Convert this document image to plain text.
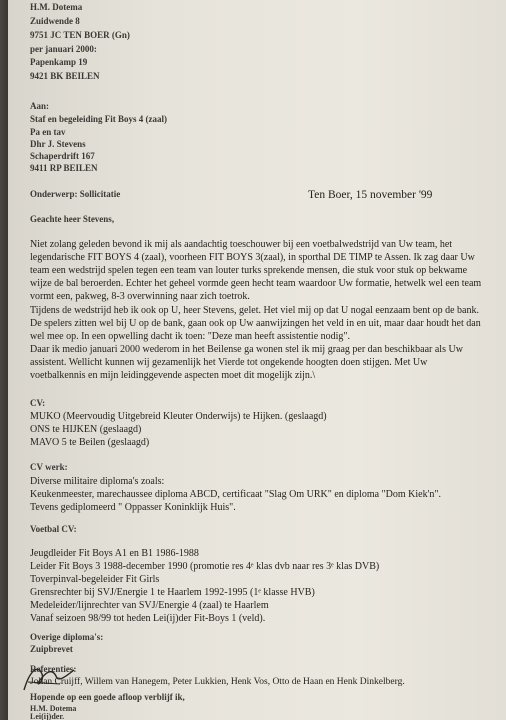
H.M. Dotema
Zuidwende 8
9751 JC TEN BOER (Gn)
per januari 2000:
Papenkamp 19
9421 BK BEILEN
Aan:
Staf en begeleiding Fit Boys 4 (zaal)
Pa en tav
Dhr J. Stevens
Schaperdrift 167
9411 RP BEILEN
Onderwerp: Sollicitatie	Ten Boer, 15 november '99
Geachte heer Stevens,
Niet zolang geleden bevond ik mij als aandachtig toeschouwer bij een voetbalwedstrijd van Uw team, het
legendarische FIT BOYS 4 (zaal), voorheen FIT BOYS 3(zaal), in sporthal DE TIMP te Assen. Ik zag daar Uw
team een wedstrijd spelen tegen een team van louter turks sprekende mensen, die stuk voor stuk op bekwame
wijze de bal beroerden. Echter het geheel vormde geen hecht team waardoor Uw formatie, hetwelk wel een team
vormt een, pakweg, 8-3 overwinning naar zich toetrok.
Tijdens de wedstrijd heb ik ook op U, heer Stevens, gelet. Het viel mij op dat U nogal eenzaam bent op de bank.
De spelers zitten wel bij U op de bank, gaan ook op Uw aanwijzingen het veld in en uit, maar daar houdt het dan
wel mee op. In een opwelling dacht ik toen: "Deze man heeft assistentie nodig".
Daar ik medio januari 2000 wederom in het Beilense ga wonen stel ik mij graag per dan beschikbaar als Uw
assistent. Wellicht kunnen wij gezamenlijk het Vierde tot ongekende hoogten doen stijgen. Met Uw
voetbalkennis en mijn leidinggevende aspecten moet dit mogelijk zijn.\
CV:
MUKO (Meervoudig Uitgebreid Kleuter Onderwijs) te Hijken. (geslaagd)
ONS te HIJKEN (geslaagd)
MAVO 5 te Beilen (geslaagd)
CV werk:
Diverse militaire diploma's zoals:
Keukenmeester, marechaussee diploma ABCD, certificaat "Slag Om URK" en diploma "Dom Kiek'n".
Tevens gediplomeerd " Oppasser Koninklijk Huis".
Voetbal CV:
Jeugdleider Fit Boys A1 en B1 1986-1988
Leider Fit Boys 3 1988-december 1990 (promotie res 4ᵉ klas dvb naar res 3ᵉ klas DVB)
Toverpinval-begeleider Fit Girls
Grensrechter bij SVJ/Energie 1 te Haarlem 1992-1995 (1ᵉ klasse HVB)
Medeleider/lijnrechter van SVJ/Energie 4 (zaal) te Haarlem
Vanaf seizoen 98/99 tot heden Lei(ij)der Fit-Boys 1 (veld).
Overige diploma's:
Zuipbrevet
Referenties:
Johan Cruijff, Willem van Hanegem, Peter Lukkien, Henk Vos, Otto de Haan en Henk Dinkelberg.
Hopende op een goede afloop verblijf ik,
H.M. Dotema
Lei(ij)der.
